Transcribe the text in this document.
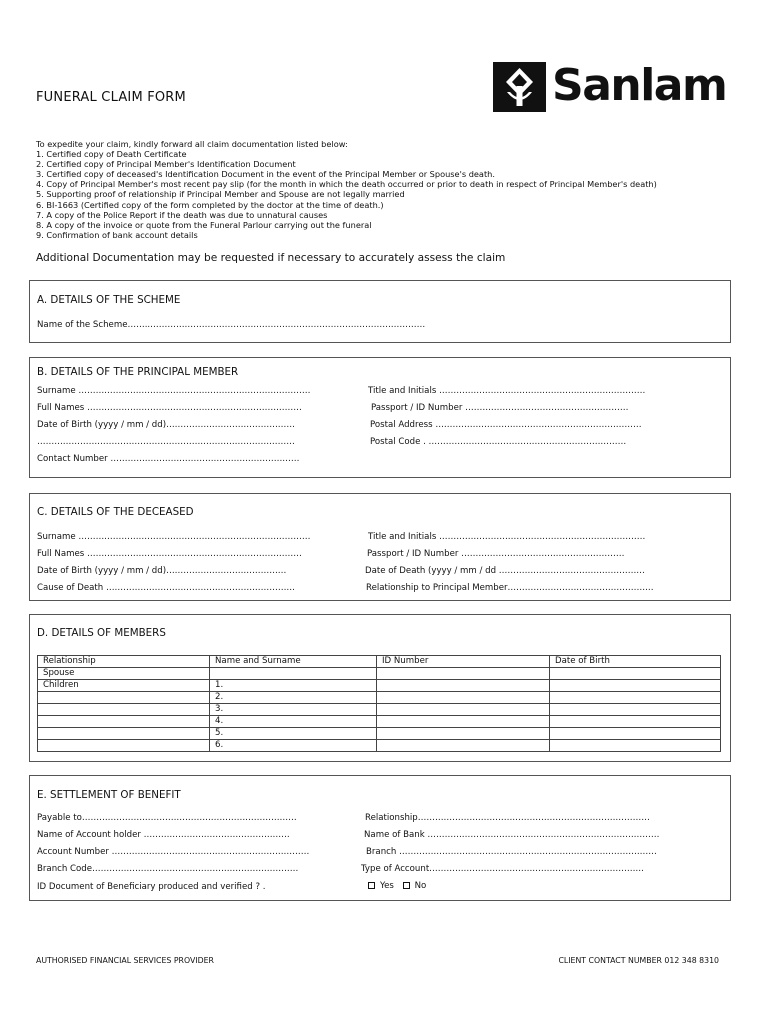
FUNERAL CLAIM FORM	Sanlam
To expedite your claim, kindly forward all claim documentation listed below:
1. Certified copy of Death Certificate
2. Certified copy of Principal Member's Identification Document
3. Certified copy of deceased's Identification Document in the event of the Principal Member or Spouse's death.
4. Copy of Principal Member's most recent pay slip (for the month in which the death occurred or prior to death in respect of Principal Member's death)
5. Supporting proof of relationship if Principal Member and Spouse are not legally married
6. BI-1663 (Certified copy of the form completed by the doctor at the time of death.)
7. A copy of the Police Report if the death was due to unnatural causes
8. A copy of the invoice or quote from the Funeral Parlour carrying out the funeral
9. Confirmation of bank account details
Additional Documentation may be requested if necessary to accurately assess the claim
A. DETAILS OF THE SCHEME
Name of the Scheme……..……………………………………………………………………………………
B. DETAILS OF THE PRINCIPAL MEMBER
Surname ………………………………………………………………………	Title and Initials ………………………………………………………………
Full Names …………………………………………………………………	Passport / ID Number …………………………………………………
Date of Birth (yyyy / mm / dd)………………………………………	Postal Address ………………………………………………………………
………………………………………………………………………………	Postal Code . ……………………………………………………………
Contact Number …………………………………………………………
C. DETAILS OF THE DECEASED
Surname ………………………………………………………………………	Title and Initials ………………………………………………………………
Full Names …………………………………………………………………	Passport / ID Number …………………………………………………
Date of Birth (yyyy / mm / dd)……………………………………	Date of Death (yyyy / mm / dd ……………………………………………
Cause of Death …………………………………………………………	Relationship to Principal Member……………………………………………
D. DETAILS OF MEMBERS
Relationship	Name and Surname	ID Number	Date of Birth
Spouse			
Children	1.		
	2.		
	3.		
	4.		
	5.		
	6.		
E. SETTLEMENT OF BENEFIT
Payable to…………………………………………………………………	Relationship………………………………………………………………………
Name of Account holder ……………………………………………	Name of Bank ………………………………………………………………………
Account Number ……………………………………………………………	Branch ………………………………………………………………………………
Branch Code………………………………………………………………	Type of Account…………………………………………………………………
ID Document of Beneficiary produced and verified ? .	Yes No
AUTHORISED FINANCIAL SERVICES PROVIDER	CLIENT CONTACT NUMBER 012 348 8310
